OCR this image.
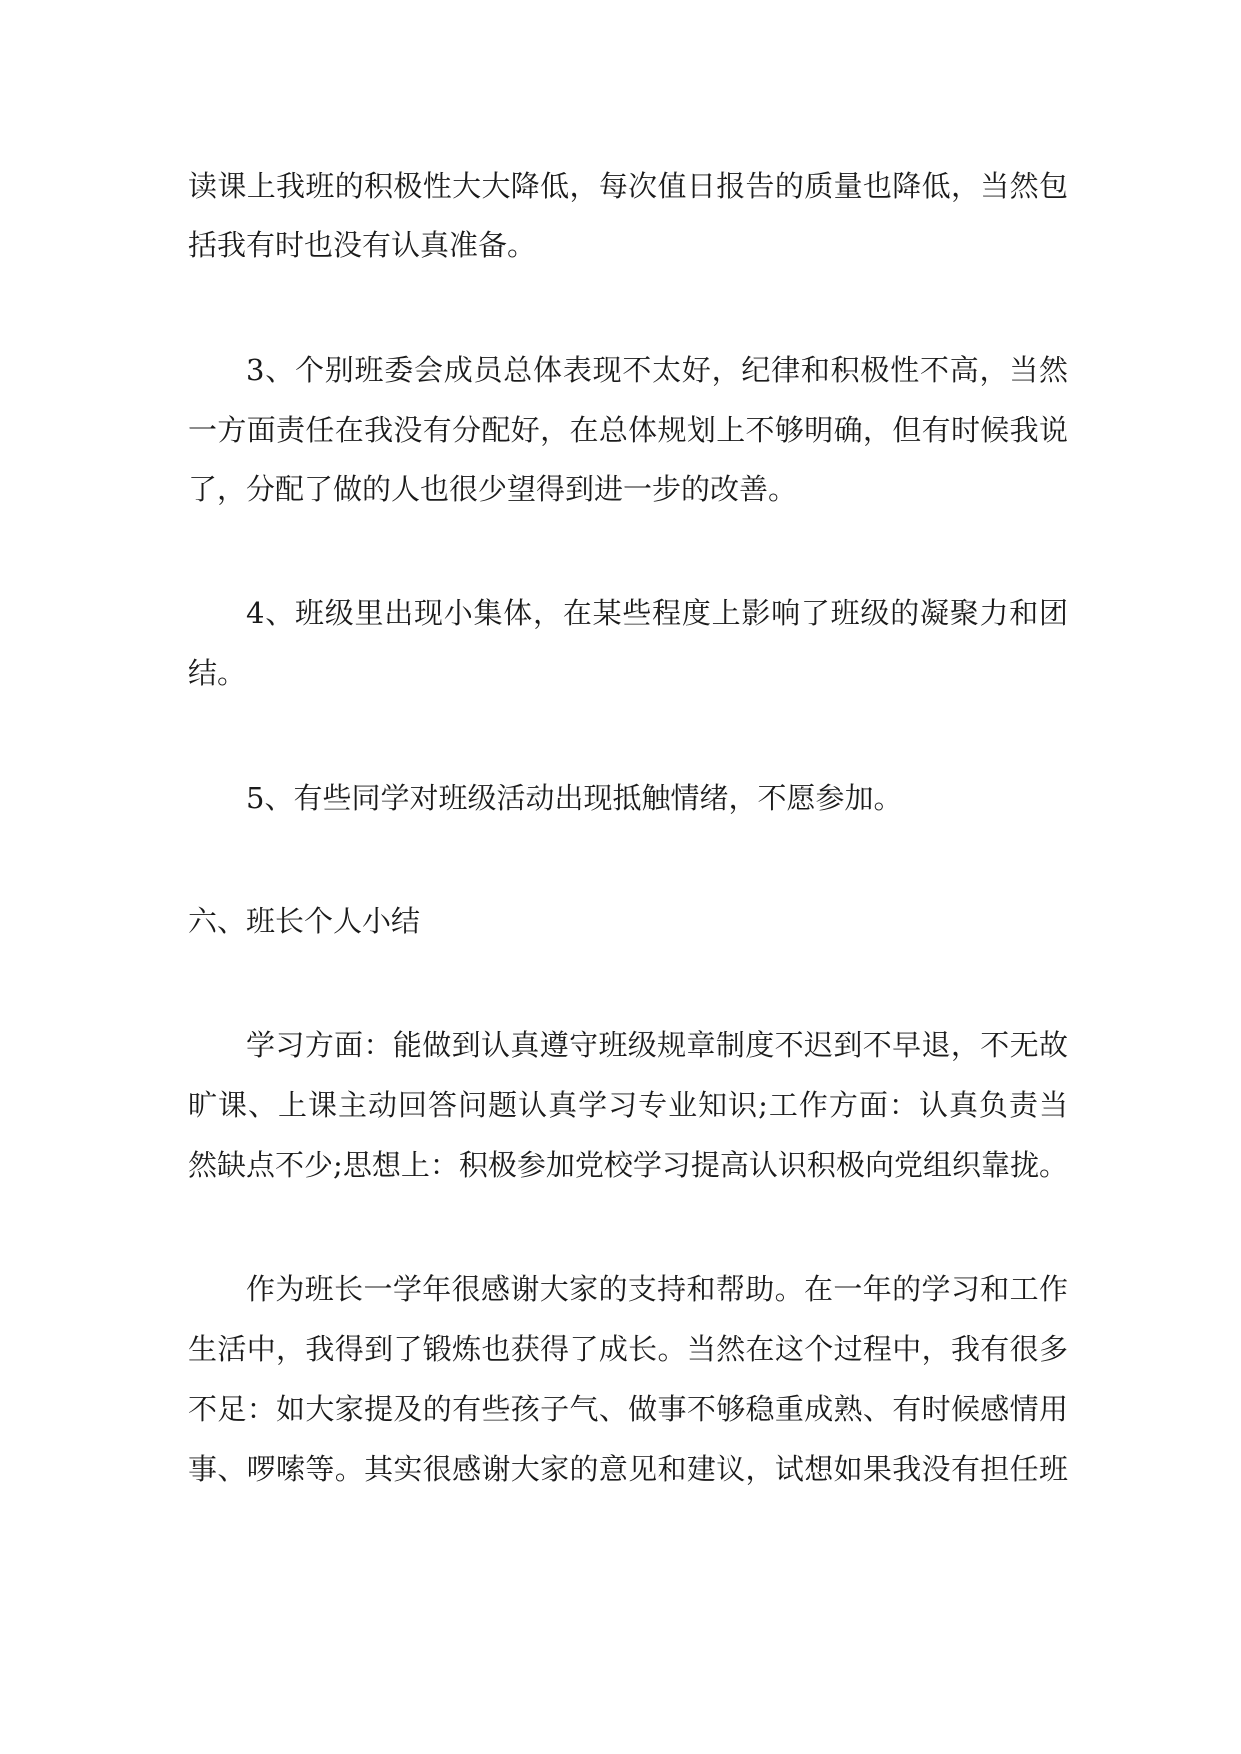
读课上我班的积极性大大降低，每次值日报告的质量也降低，当然包
括我有时也没有认真准备。
3、个别班委会成员总体表现不太好，纪律和积极性不高，当然
一方面责任在我没有分配好，在总体规划上不够明确，但有时候我说
了，分配了做的人也很少望得到进一步的改善。
4、班级里出现小集体，在某些程度上影响了班级的凝聚力和团
结。
5、有些同学对班级活动出现抵触情绪，不愿参加。
六、班长个人小结
学习方面：能做到认真遵守班级规章制度不迟到不早退，不无故
旷课、上课主动回答问题认真学习专业知识;工作方面：认真负责当
然缺点不少;思想上：积极参加党校学习提高认识积极向党组织靠拢。
作为班长一学年很感谢大家的支持和帮助。在一年的学习和工作
生活中，我得到了锻炼也获得了成长。当然在这个过程中，我有很多
不足：如大家提及的有些孩子气、做事不够稳重成熟、有时候感情用
事、啰嗦等。其实很感谢大家的意见和建议，试想如果我没有担任班
